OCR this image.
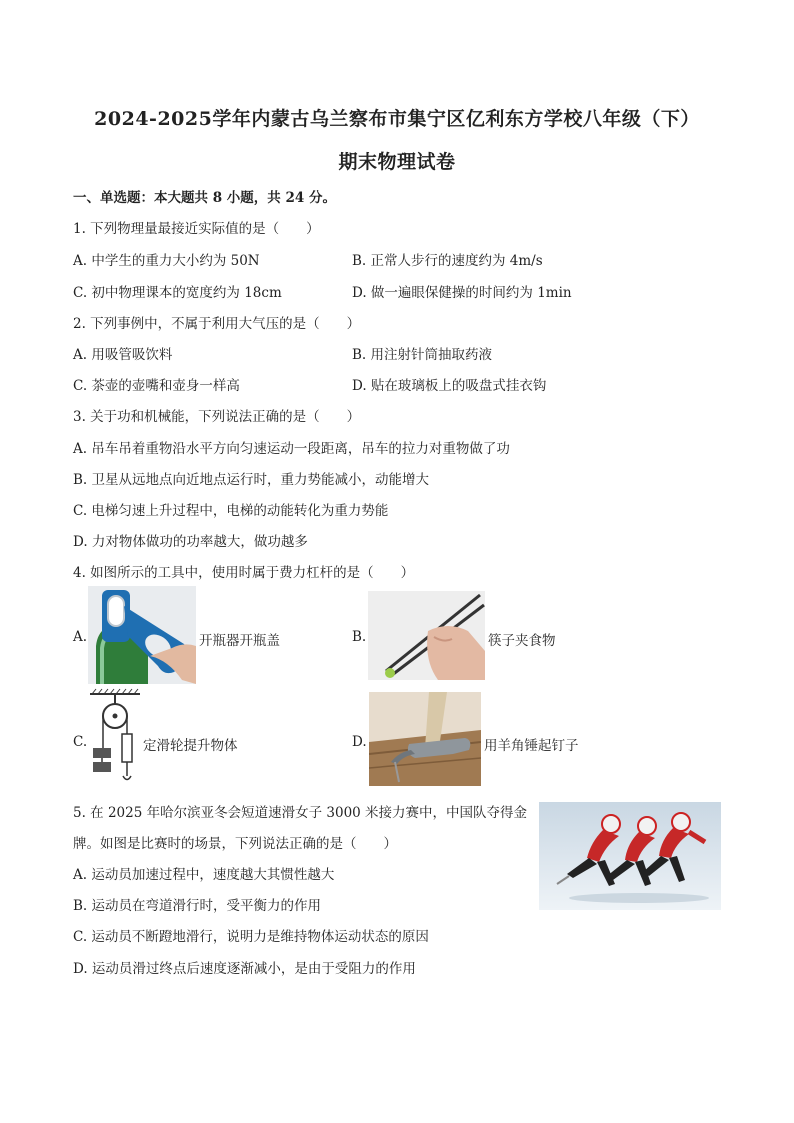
2024-2025学年内蒙古乌兰察布市集宁区亿利东方学校八年级（下）
期末物理试卷
一、单选题：本大题共 8 小题，共 24 分。
1. 下列物理量最接近实际值的是（　　）
A. 中学生的重力大小约为 50N	B. 正常人步行的速度约为 4m/s
C. 初中物理课本的宽度约为 18cm	D. 做一遍眼保健操的时间约为 1min
2. 下列事例中，不属于利用大气压的是（　　）
A. 用吸管吸饮料	B. 用注射针筒抽取药液
C. 茶壶的壶嘴和壶身一样高	D. 贴在玻璃板上的吸盘式挂衣钩
3. 关于功和机械能，下列说法正确的是（　　）
A. 吊车吊着重物沿水平方向匀速运动一段距离，吊车的拉力对重物做了功
B. 卫星从远地点向近地点运行时，重力势能减小，动能增大
C. 电梯匀速上升过程中，电梯的动能转化为重力势能
D. 力对物体做功的功率越大，做功越多
4. 如图所示的工具中，使用时属于费力杠杆的是（　　）
A.	开瓶器开瓶盖	B.	筷子夹食物
C.	定滑轮提升物体	D.	用羊角锤起钉子
5. 在 2025 年哈尔滨亚冬会短道速滑女子 3000 米接力赛中，中国队夺得金
牌。如图是比赛时的场景，下列说法正确的是（　　）
A. 运动员加速过程中，速度越大其惯性越大
B. 运动员在弯道滑行时，受平衡力的作用
C. 运动员不断蹬地滑行，说明力是维持物体运动状态的原因
D. 运动员滑过终点后速度逐渐减小，是由于受阻力的作用
